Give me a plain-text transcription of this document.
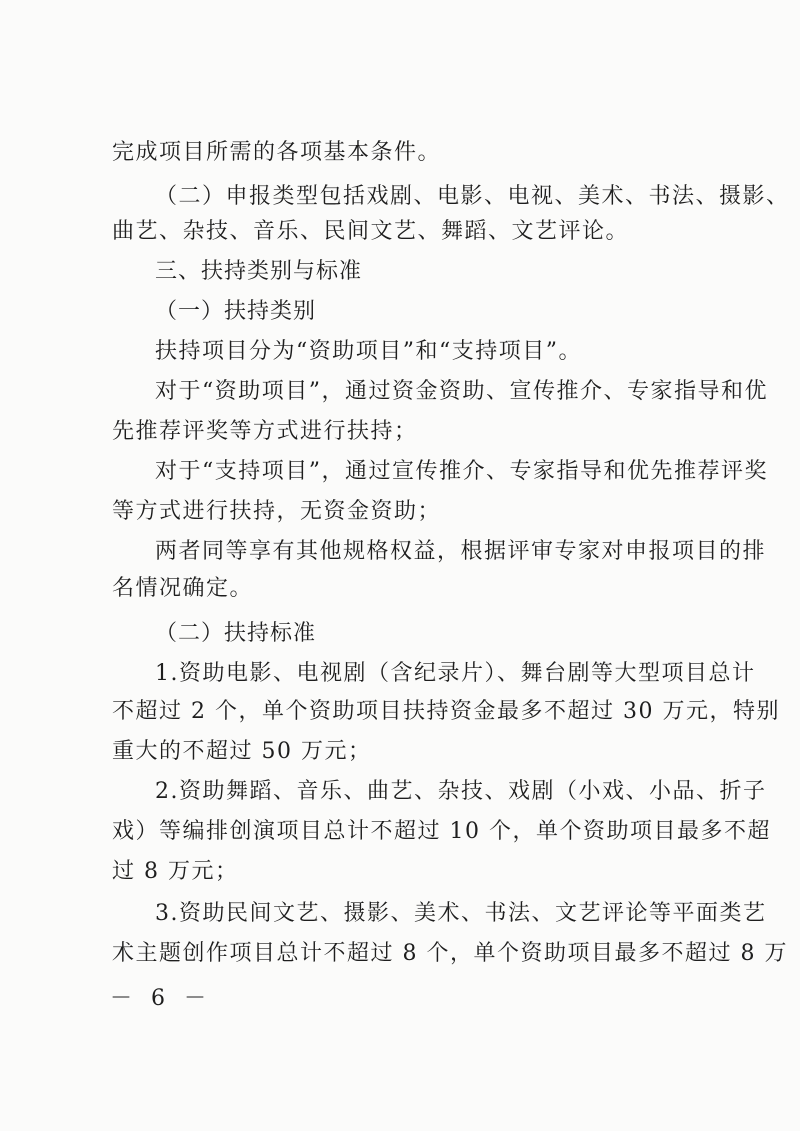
完成项目所需的各项基本条件。
（二）申报类型包括戏剧、电影、电视、美术、书法、摄影、
曲艺、杂技、音乐、民间文艺、舞蹈、文艺评论。
三、扶持类别与标准
（一）扶持类别
扶持项目分为“资助项目”和“支持项目”。
对于“资助项目”，通过资金资助、宣传推介、专家指导和优
先推荐评奖等方式进行扶持；
对于“支持项目”，通过宣传推介、专家指导和优先推荐评奖
等方式进行扶持，无资金资助；
两者同等享有其他规格权益，根据评审专家对申报项目的排
名情况确定。
（二）扶持标准
1.资助电影、电视剧（含纪录片）、舞台剧等大型项目总计
不超过 2 个，单个资助项目扶持资金最多不超过 30 万元，特别
重大的不超过 50 万元；
2.资助舞蹈、音乐、曲艺、杂技、戏剧（小戏、小品、折子
戏）等编排创演项目总计不超过 10 个，单个资助项目最多不超
过 8 万元；
3.资助民间文艺、摄影、美术、书法、文艺评论等平面类艺
术主题创作项目总计不超过 8 个，单个资助项目最多不超过 8 万
－ 6 －
